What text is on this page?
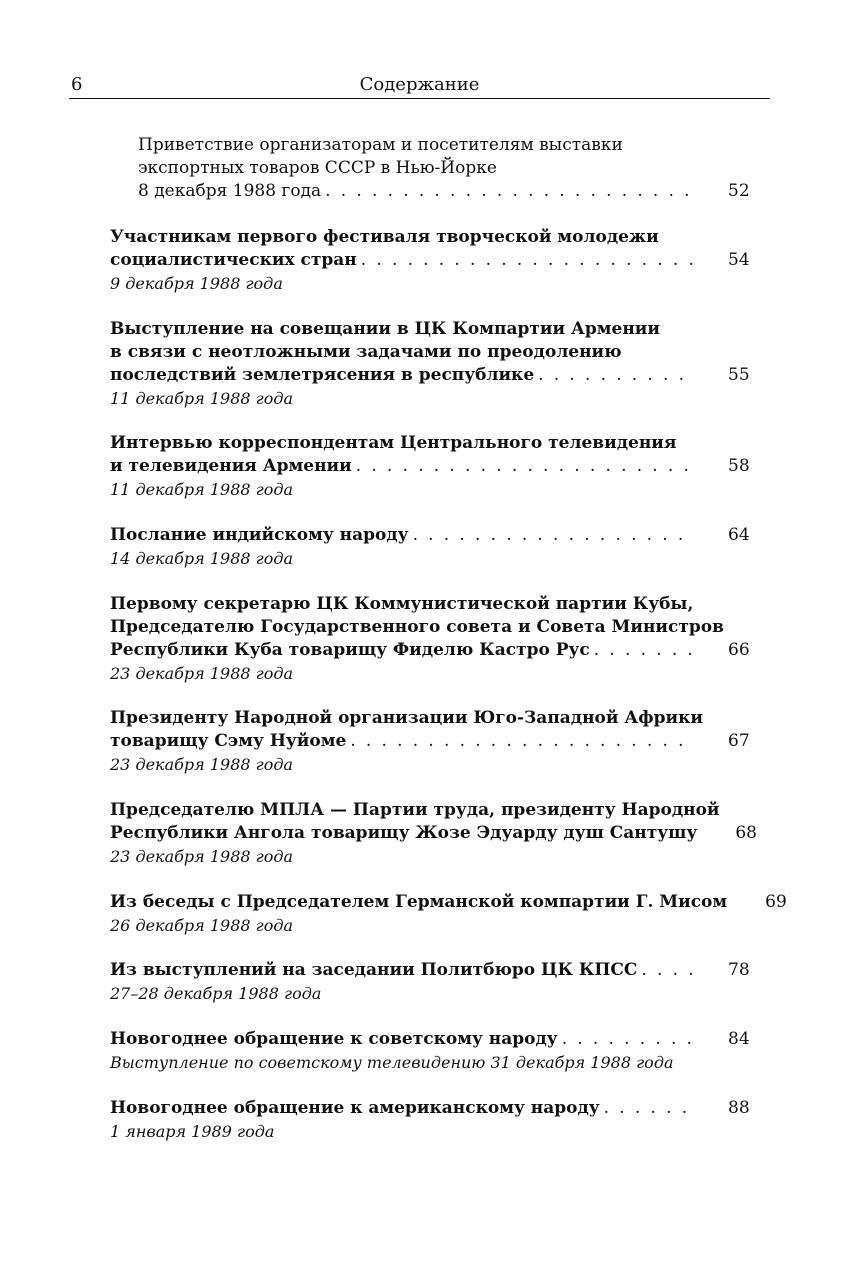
6	Содержание
Приветствие организаторам и посетителям выставки
экспортных товаров СССР в Нью-Йорке
8 декабря 1988 года . . .	52
Участникам первого фестиваля творческой молодежи
социалистических стран . . .	54
9 декабря 1988 года
Выступление на совещании в ЦК Компартии Армении
в связи с неотложными задачами по преодолению
последствий землетрясения в республике . . .	55
11 декабря 1988 года
Интервью корреспондентам Центрального телевидения
и телевидения Армении . . .	58
11 декабря 1988 года
Послание индийскому народу . . .	64
14 декабря 1988 года
Первому секретарю ЦК Коммунистической партии Кубы,
Председателю Государственного совета и Совета Министров
Республики Куба товарищу Фиделю Кастро Рус . . .	66
23 декабря 1988 года
Президенту Народной организации Юго-Западной Африки
товарищу Сэму Нуйоме . . .	67
23 декабря 1988 года
Председателю МПЛА — Партии труда, президенту Народной
Республики Ангола товарищу Жозе Эдуарду душ Сантушу 68
23 декабря 1988 года
Из беседы с Председателем Германской компартии Г. Мисом 69
26 декабря 1988 года
Из выступлений на заседании Политбюро ЦК КПСС . . .	78
27–28 декабря 1988 года
Новогоднее обращение к советскому народу . . .	84
Выступление по советскому телевидению 31 декабря 1988 года
Новогоднее обращение к американскому народу . . .	88
1 января 1989 года
